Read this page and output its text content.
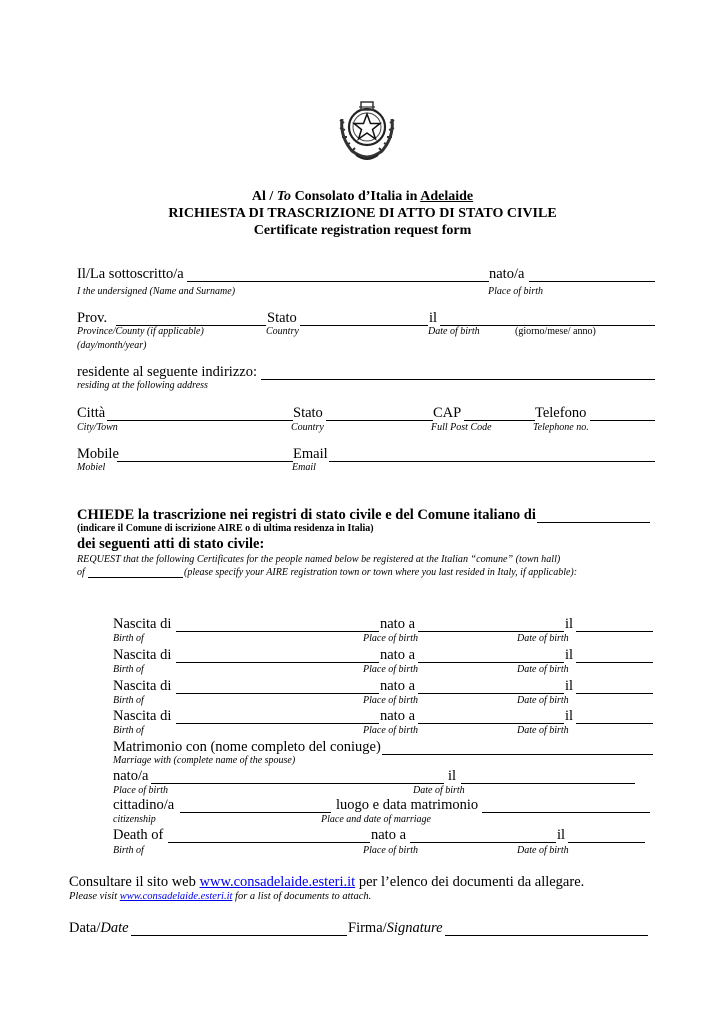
Al / To Consolato d’Italia in Adelaide
RICHIESTA DI TRASCRIZIONE DI ATTO DI STATO CIVILE
Certificate registration request form
Il/La sottoscritto/a	nato/a
I the undersigned (Name and Surname)	Place of birth
Prov.	Stato	il
Province/County (if applicable)	Country	Date of birth	(giorno/mese/ anno)
(day/month/year)
residente al seguente indirizzo:
residing at the following address
Città	Stato	CAP	Telefono
City/Town	Country	Full Post Code	Telephone no.
Mobile	Email
Mobiel	Email
CHIEDE la trascrizione nei registri di stato civile e del Comune italiano di
(indicare il Comune di iscrizione AIRE o di ultima residenza in Italia)
dei seguenti atti di stato civile:
REQUEST that the following Certificates for the people named below be registered at the Italian “comune” (town hall)
of	(please specify your AIRE registration town or town where you last resided in Italy, if applicable):
Nascita di	nato a	il
Birth of	Place of birth	Date of birth
Nascita di	nato a	il
Birth of	Place of birth	Date of birth
Nascita di	nato a	il
Birth of	Place of birth	Date of birth
Nascita di	nato a	il
Birth of	Place of birth	Date of birth
Matrimonio con (nome completo del coniuge)
Marriage with (complete name of the spouse)
nato/a	il
Place of birth	Date of birth
cittadino/a	luogo e data matrimonio
citizenship	Place and date of marriage
Death of	nato a	il
Birth of	Place of birth	Date of birth
Consultare il sito web www.consadelaide.esteri.it per l’elenco dei documenti da allegare.
Please visit www.consadelaide.esteri.it for a list of documents to attach.
Data/Date	Firma/Signature
